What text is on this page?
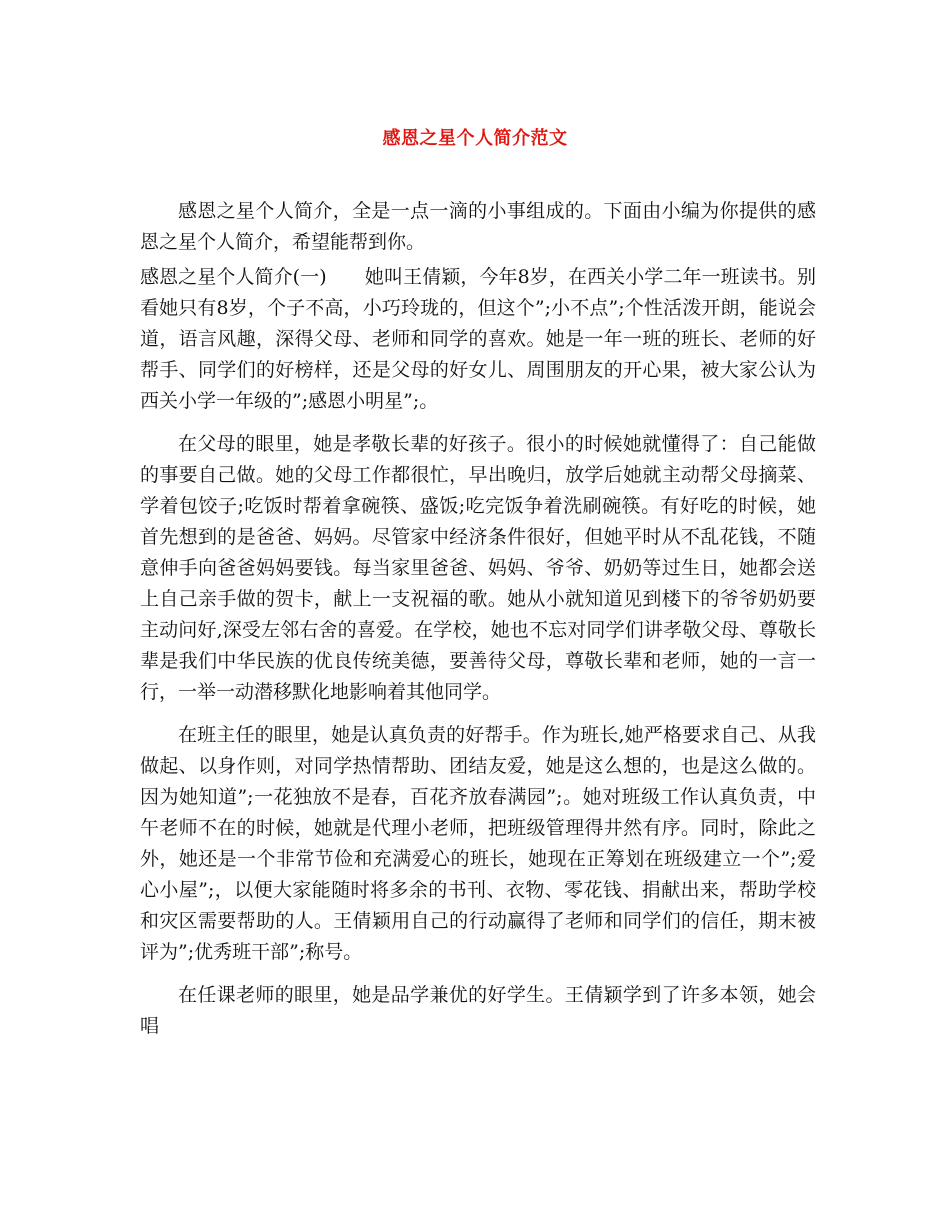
感恩之星个人简介范文

感恩之星个人简介，全是一点一滴的小事组成的。下面由小编为你提供的感恩之星个人简介，希望能帮到你。

感恩之星个人简介(一)　　她叫王倩颖，今年8岁，在西关小学二年一班读书。别看她只有8岁，个子不高，小巧玲珑的，但这个”;小不点”;个性活泼开朗，能说会道，语言风趣，深得父母、老师和同学的喜欢。她是一年一班的班长、老师的好帮手、同学们的好榜样，还是父母的好女儿、周围朋友的开心果，被大家公认为西关小学一年级的”;感恩小明星”;。

在父母的眼里，她是孝敬长辈的好孩子。很小的时候她就懂得了：自己能做的事要自己做。她的父母工作都很忙，早出晚归，放学后她就主动帮父母摘菜、学着包饺子;吃饭时帮着拿碗筷、盛饭;吃完饭争着洗刷碗筷。有好吃的时候，她首先想到的是爸爸、妈妈。尽管家中经济条件很好，但她平时从不乱花钱，不随意伸手向爸爸妈妈要钱。每当家里爸爸、妈妈、爷爷、奶奶等过生日，她都会送上自己亲手做的贺卡，献上一支祝福的歌。她从小就知道见到楼下的爷爷奶奶要主动问好,深受左邻右舍的喜爱。在学校，她也不忘对同学们讲孝敬父母、尊敬长辈是我们中华民族的优良传统美德，要善待父母，尊敬长辈和老师，她的一言一行，一举一动潜移默化地影响着其他同学。

在班主任的眼里，她是认真负责的好帮手。作为班长,她严格要求自己、从我做起、以身作则，对同学热情帮助、团结友爱，她是这么想的，也是这么做的。因为她知道”;一花独放不是春，百花齐放春满园”;。她对班级工作认真负责，中午老师不在的时候，她就是代理小老师，把班级管理得井然有序。同时，除此之外，她还是一个非常节俭和充满爱心的班长，她现在正筹划在班级建立一个”;爱心小屋”;，以便大家能随时将多余的书刊、衣物、零花钱、捐献出来，帮助学校和灾区需要帮助的人。王倩颖用自己的行动赢得了老师和同学们的信任，期末被评为”;优秀班干部”;称号。

在任课老师的眼里，她是品学兼优的好学生。王倩颖学到了许多本领，她会唱
